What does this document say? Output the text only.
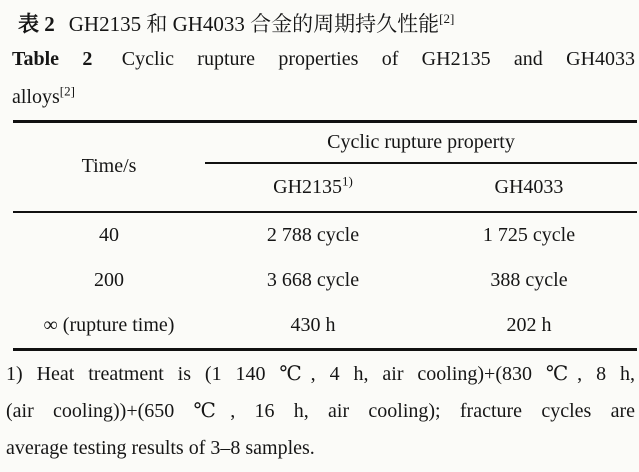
表 2 GH2135 和 GH4033 合金的周期持久性能[2]
Table 2 Cyclic rupture properties of GH2135 and GH4033
alloys[2]
Time/s	Cyclic rupture property	
	GH2135$^{1)}$	GH4033
40	2 788 cycle	1 725 cycle
200	3 668 cycle	388 cycle
∞ (rupture time)	430 h	202 h
1) Heat treatment is (1 140 ℃, 4 h, air cooling)+(830 ℃, 8 h,
(air cooling))+(650 ℃, 16 h, air cooling); fracture cycles are
average testing results of 3–8 samples.
